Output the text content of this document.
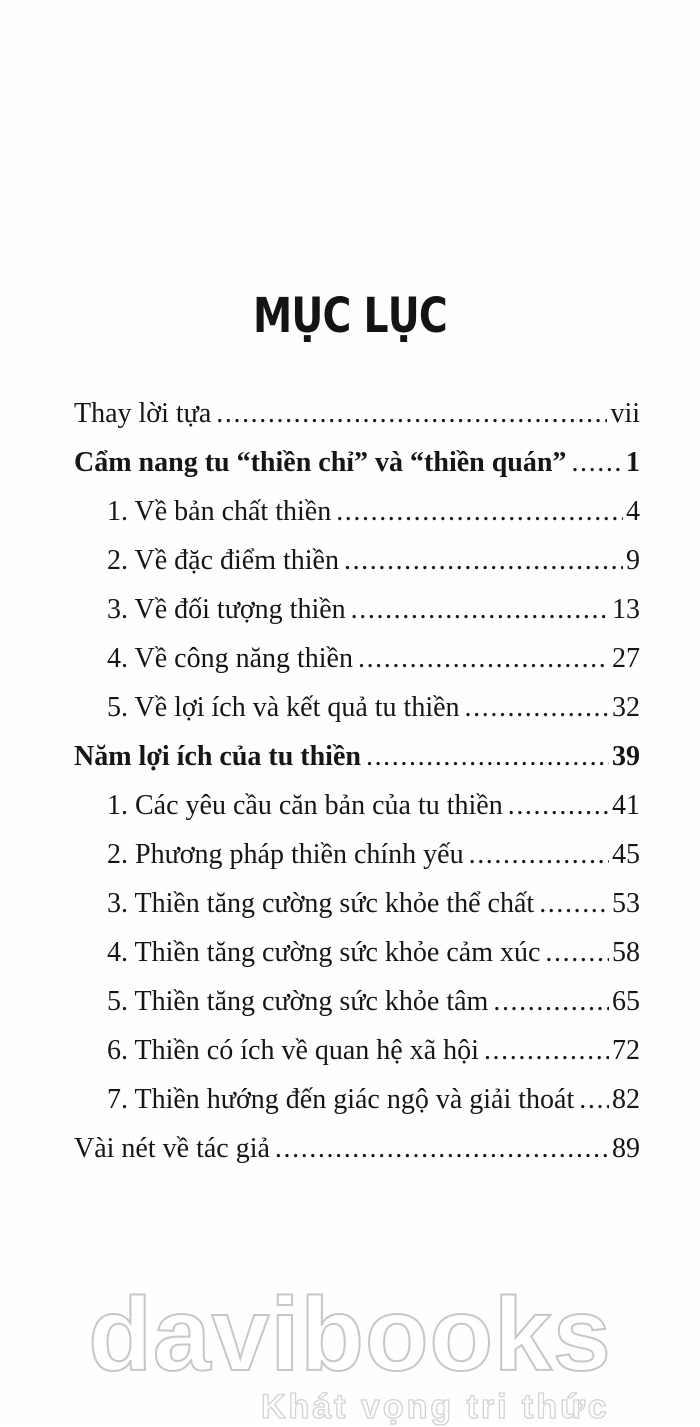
MỤC LỤC
Thay lời tựa .....	vii
Cẩm nang tu “thiền chỉ” và “thiền quán” ..... 1
1. Về bản chất thiền .....	4
2. Về đặc điểm thiền .....	9
3. Về đối tượng thiền .....	13
4. Về công năng thiền .....	27
5. Về lợi ích và kết quả tu thiền .....	32
Năm lợi ích của tu thiền .....	39
1. Các yêu cầu căn bản của tu thiền .....	41
2. Phương pháp thiền chính yếu .....	45
3. Thiền tăng cường sức khỏe thể chất .....	53
4. Thiền tăng cường sức khỏe cảm xúc .....	58
5. Thiền tăng cường sức khỏe tâm .....	65
6. Thiền có ích về quan hệ xã hội .....	72
7. Thiền hướng đến giác ngộ và giải thoát ..... 82
Vài nét về tác giả .....	89
davibooks
Khát vọng tri thức
